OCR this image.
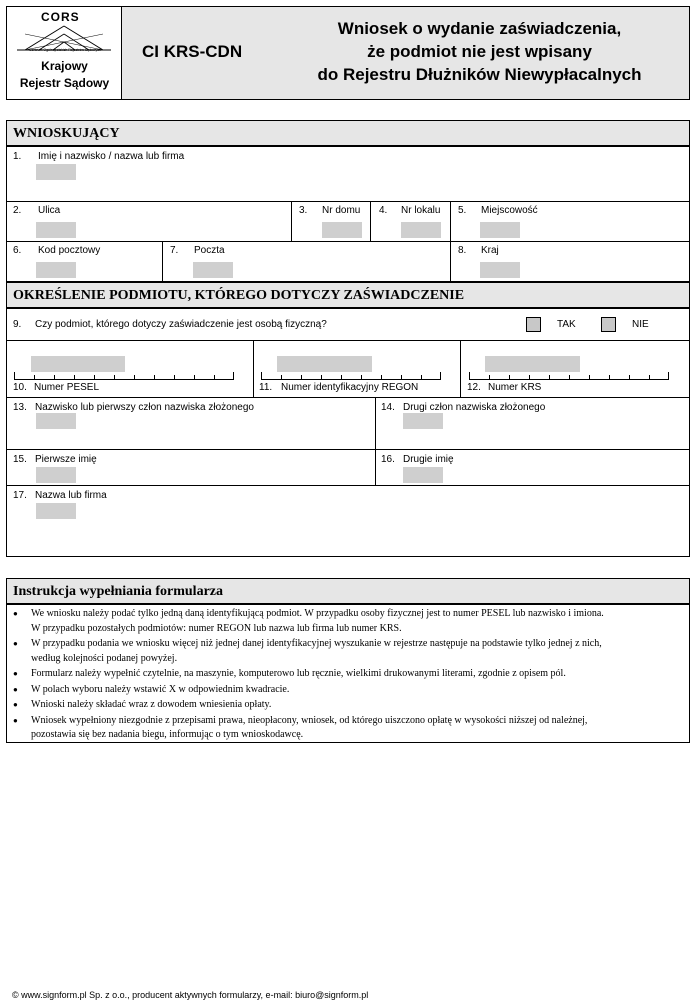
CORS
Centrum Ogólnopolskich Rejestrów Sądowych
Krajowy
Rejestr Sądowy
CI KRS-CDN
Wniosek o wydanie zaświadczenia,
że podmiot nie jest wpisany
do Rejestru Dłużników Niewypłacalnych
WNIOSKUJĄCY
1. Imię i nazwisko / nazwa lub firma
2. Ulica	3. Nr domu 4. Nr lokalu 5. Miejscowość
6. Kod pocztowy	7. Poczta	8. Kraj
OKREŚLENIE PODMIOTU, KTÓREGO DOTYCZY ZAŚWIADCZENIE
9. Czy podmiot, którego dotyczy zaświadczenie jest osobą fizyczną?	TAK	NIE
10. Numer PESEL	11. Numer identyfikacyjny REGON	12. Numer KRS
13. Nazwisko lub pierwszy człon nazwiska złożonego	14. Drugi człon nazwiska złożonego
15. Pierwsze imię	16. Drugie imię
17. Nazwa lub firma
Instrukcja wypełniania formularza
● We wniosku należy podać tylko jedną daną identyfikującą podmiot. W przypadku osoby fizycznej jest to numer PESEL lub nazwisko i imiona.
W przypadku pozostałych podmiotów: numer REGON lub nazwa lub firma lub numer KRS.
● W przypadku podania we wniosku więcej niż jednej danej identyfikacyjnej wyszukanie w rejestrze następuje na podstawie tylko jednej z nich,
według kolejności podanej powyżej.
● Formularz należy wypełnić czytelnie, na maszynie, komputerowo lub ręcznie, wielkimi drukowanymi literami, zgodnie z opisem pól.
● W polach wyboru należy wstawić X w odpowiednim kwadracie.
● Wnioski należy składać wraz z dowodem wniesienia opłaty.
● Wniosek wypełniony niezgodnie z przepisami prawa, nieopłacony, wniosek, od którego uiszczono opłatę w wysokości niższej od należnej,
pozostawia się bez nadania biegu, informując o tym wnioskodawcę.
© www.signform.pl Sp. z o.o., producent aktywnych formularzy, e-mail: biuro@signform.pl
